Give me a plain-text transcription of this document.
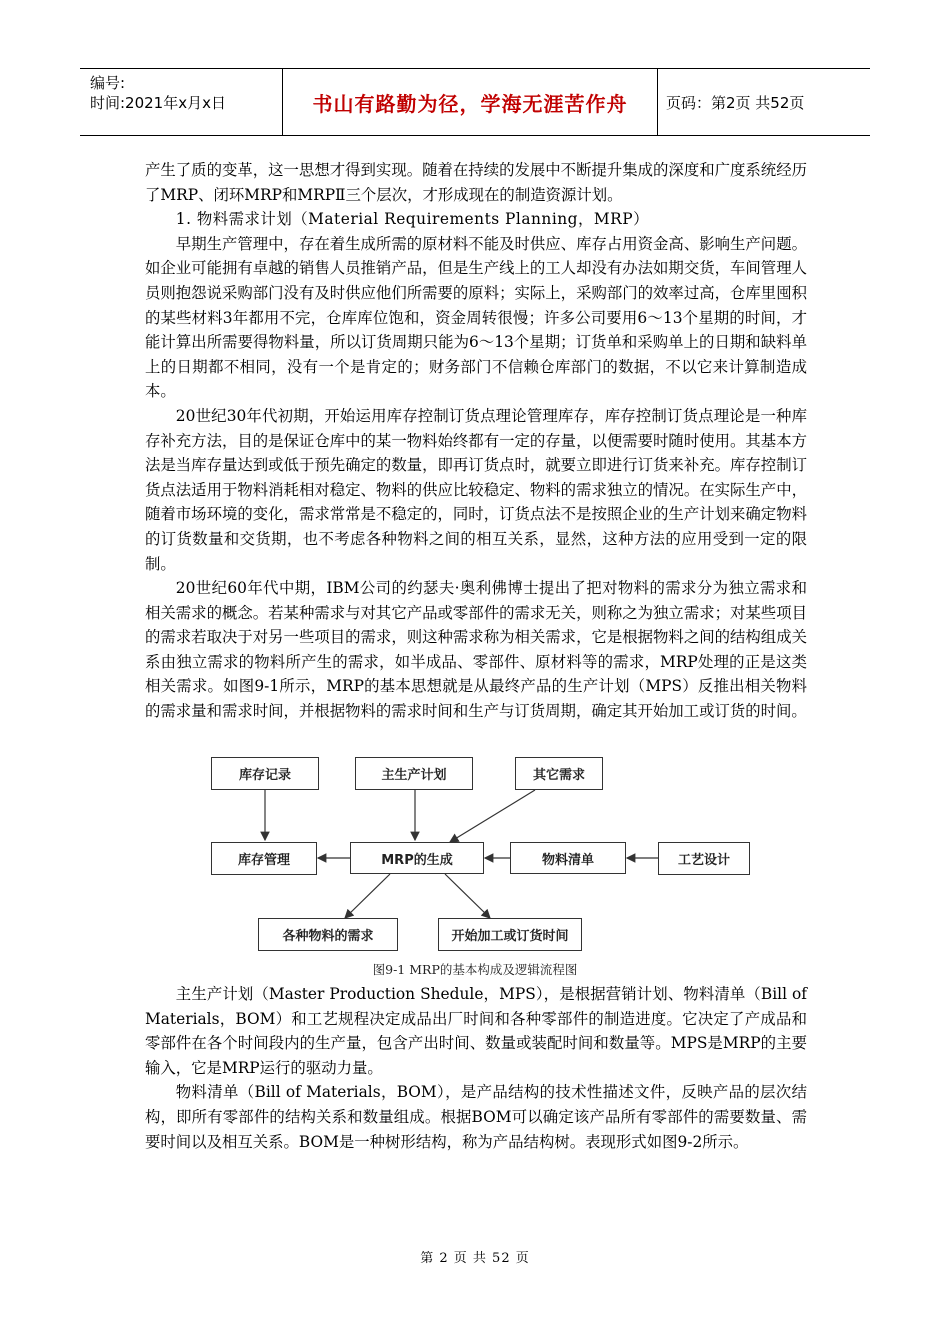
编号:
时间:2021年x月x日	书山有路勤为径，学海无涯苦作舟	页码：第2页 共52页

产生了质的变革，这一思想才得到实现。随着在持续的发展中不断提升集成的深度和广度系统经历了MRP、闭环MRP和MRPⅡ三个层次，才形成现在的制造资源计划。

1. 物料需求计划（Material Requirements Planning，MRP）

早期生产管理中，存在着生成所需的原材料不能及时供应、库存占用资金高、影响生产问题。如企业可能拥有卓越的销售人员推销产品，但是生产线上的工人却没有办法如期交货，车间管理人员则抱怨说采购部门没有及时供应他们所需要的原料；实际上，采购部门的效率过高，仓库里囤积的某些材料3年都用不完，仓库库位饱和，资金周转很慢；许多公司要用6～13个星期的时间，才能计算出所需要得物料量，所以订货周期只能为6～13个星期；订货单和采购单上的日期和缺料单上的日期都不相同，没有一个是肯定的；财务部门不信赖仓库部门的数据，不以它来计算制造成本。

20世纪30年代初期，开始运用库存控制订货点理论管理库存，库存控制订货点理论是一种库存补充方法，目的是保证仓库中的某一物料始终都有一定的存量，以便需要时随时使用。其基本方法是当库存量达到或低于预先确定的数量，即再订货点时，就要立即进行订货来补充。库存控制订货点法适用于物料消耗相对稳定、物料的供应比较稳定、物料的需求独立的情况。在实际生产中，随着市场环境的变化，需求常常是不稳定的，同时，订货点法不是按照企业的生产计划来确定物料的订货数量和交货期，也不考虑各种物料之间的相互关系，显然，这种方法的应用受到一定的限制。

20世纪60年代中期，IBM公司的约瑟夫·奥利佛博士提出了把对物料的需求分为独立需求和相关需求的概念。若某种需求与对其它产品或零部件的需求无关，则称之为独立需求；对某些项目的需求若取决于对另一些项目的需求，则这种需求称为相关需求，它是根据物料之间的结构组成关系由独立需求的物料所产生的需求，如半成品、零部件、原材料等的需求，MRP处理的正是这类相关需求。如图9-1所示，MRP的基本思想就是从最终产品的生产计划（MPS）反推出相关物料的需求量和需求时间，并根据物料的需求时间和生产与订货周期，确定其开始加工或订货的时间。

库存记录	主生产计划	其它需求
库存管理	MRP的生成	物料清单	工艺设计
各种物料的需求	开始加工或订货时间
图9-1 MRP的基本构成及逻辑流程图

主生产计划（Master Production Shedule，MPS），是根据营销计划、物料清单（Bill of Materials，BOM）和工艺规程决定成品出厂时间和各种零部件的制造进度。它决定了产成品和零部件在各个时间段内的生产量，包含产出时间、数量或装配时间和数量等。MPS是MRP的主要输入，它是MRP运行的驱动力量。

物料清单（Bill of Materials，BOM），是产品结构的技术性描述文件，反映产品的层次结构，即所有零部件的结构关系和数量组成。根据BOM可以确定该产品所有零部件的需要数量、需要时间以及相互关系。BOM是一种树形结构，称为产品结构树。表现形式如图9-2所示。

第 2 页 共 52 页
